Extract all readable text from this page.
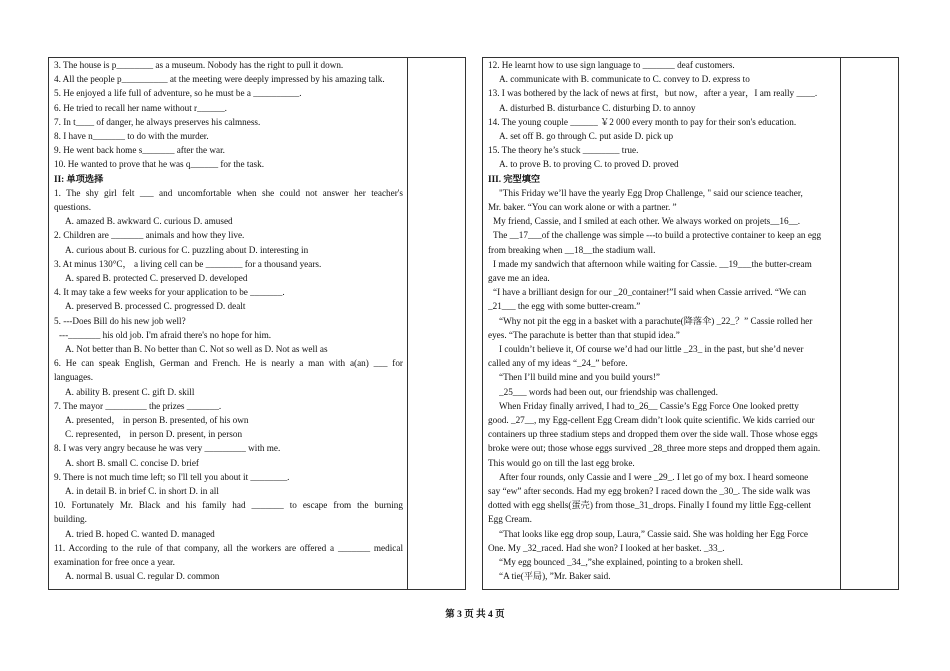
3. The house is p________ as a museum. Nobody has the right to pull it down.
4. All the people p__________ at the meeting were deeply impressed by his amazing talk.
5. He enjoyed a life full of adventure, so he must be a __________.
6. He tried to recall her name without r______.
7. In t____ of danger, he always preserves his calmness.
8. I have n_______ to do with the murder.
9. He went back home s_______ after the war.
10. He wanted to prove that he was q______ for the task.
II: 单项选择
1. The shy girl felt ___ and uncomfortable when she could not answer her teacher's
questions.
A. amazed B. awkward C. curious D. amused
2. Children are _______ animals and how they live.
A. curious about B. curious for C. puzzling about D. interesting in
3. At minus 130°C， a living cell can be ________ for a thousand years.
A. spared B. protected C. preserved D. developed
4. It may take a few weeks for your application to be _______.
A. preserved B. processed C. progressed D. dealt
5. ---Does Bill do his new job well?
---_______ his old job. I'm afraid there's no hope for him.
A. Not better than B. No better than C. Not so well as D. Not as well as
6. He can speak English, German and French. He is nearly a man with a(an) ___ for
languages.
A. ability B. present C. gift D. skill
7. The mayor _________ the prizes _______.
A. presented， in person B. presented, of his own
C. represented， in person D. present, in person
8. I was very angry because he was very _________ with me.
A. short B. small C. concise D. brief
9. There is not much time left; so I'll tell you about it ________.
A. in detail B. in brief C. in short D. in all
10. Fortunately Mr. Black and his family had _______ to escape from the burning
building.
A. tried B. hoped C. wanted D. managed
11. According to the rule of that company, all the workers are offered a _______ medical
examination for free once a year.
A. normal B. usual C. regular D. common
12. He learnt how to use sign language to _______ deaf customers.
A. communicate with B. communicate to C. convey to D. express to
13. I was bothered by the lack of news at first，but now，after a year，I am really ____.
A. disturbed B. disturbance C. disturbing D. to annoy
14. The young couple ______ ￥2 000 every month to pay for their son's education.
A. set off B. go through C. put aside D. pick up
15. The theory he’s stuck ________ true.
A. to prove B. to proving C. to proved D. proved
III. 完型填空
"This Friday we’ll have the yearly Egg Drop Challenge, " said our science teacher,
Mr. baker. “You can work alone or with a partner. ”
My friend, Cassie, and I smiled at each other. We always worked on projets__16__.
The __17___of the challenge was simple ---to build a protective container to keep an egg
from breaking when __18__the stadium wall.
I made my sandwich that afternoon while waiting for Cassie. __19___the butter-cream
gave me an idea.
“I have a brilliant design for our _20_container!”I said when Cassie arrived. “We can
_21___ the egg with some butter-cream.”
“Why not pit the egg in a basket with a parachute(降落伞) _22_？” Cassie rolled her
eyes. “The parachute is better than that stupid idea.”
I couldn’t believe it, Of course we’d had our little _23_ in the past, but she’d never
called any of my ideas “_24_” before.
“Then I’ll build mine and you build yours!”
_25___ words had been out, our friendship was challenged.
When Friday finally arrived, I had to_26__ Cassie’s Egg Force One looked pretty
good. _27__, my Egg-cellent Egg Cream didn’t look quite scientific. We kids carried our
containers up three stadium steps and dropped them over the side wall. Those whose eggs
broke were out; those whose eggs survived _28_three more steps and dropped them again.
This would go on till the last egg broke.
After four rounds, only Cassie and I were _29_. I let go of my box. I heard someone
say “ew” after seconds. Had my egg broken? I raced down the _30_. The side walk was
dotted with egg shells(蛋壳) from those_31_drops. Finally I found my little Egg-cellent
Egg Cream.
“That looks like egg drop soup, Laura,” Cassie said. She was holding her Egg Force
One. My _32_raced. Had she won? I looked at her basket. _33_.
“My egg bounced _34_,”she explained, pointing to a broken shell.
“A tie(平局), ”Mr. Baker said.
第 3 页 共 4 页
